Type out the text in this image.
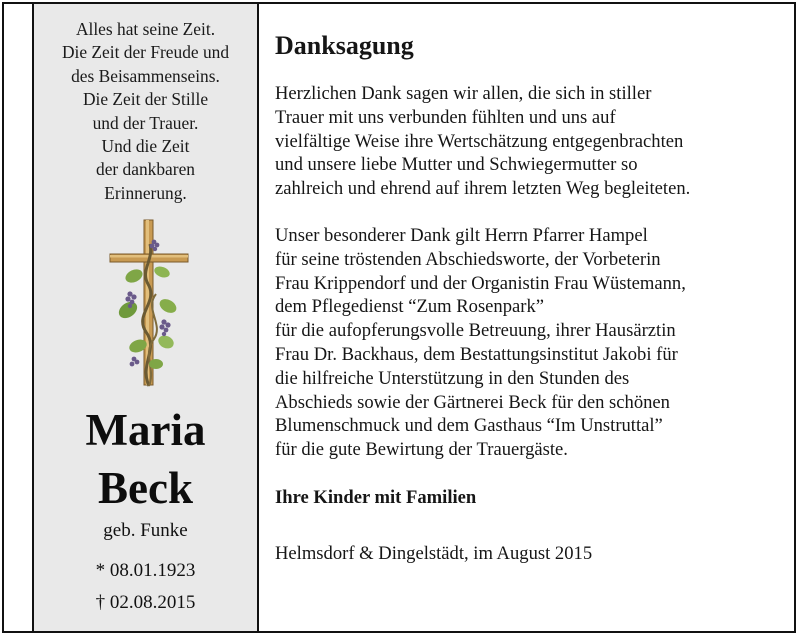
Alles hat seine Zeit.
Die Zeit der Freude und
des Beisammenseins.
Die Zeit der Stille
und der Trauer.
Und die Zeit
der dankbaren
Erinnerung.
Maria
Beck
geb. Funke
* 08.01.1923
† 02.08.2015
Danksagung
Herzlichen Dank sagen wir allen, die sich in stiller
Trauer mit uns verbunden fühlten und uns auf
vielfältige Weise ihre Wertschätzung entgegenbrachten
und unsere liebe Mutter und Schwiegermutter so
zahlreich und ehrend auf ihrem letzten Weg begleiteten.
Unser besonderer Dank gilt Herrn Pfarrer Hampel
für seine tröstenden Abschiedsworte, der Vorbeterin
Frau Krippendorf und der Organistin Frau Wüstemann,
dem Pflegedienst “Zum Rosenpark”
für die aufopferungsvolle Betreuung, ihrer Hausärztin
Frau Dr. Backhaus, dem Bestattungsinstitut Jakobi für
die hilfreiche Unterstützung in den Stunden des
Abschieds sowie der Gärtnerei Beck für den schönen
Blumenschmuck und dem Gasthaus “Im Unstruttal”
für die gute Bewirtung der Trauergäste.
Ihre Kinder mit Familien
Helmsdorf & Dingelstädt, im August 2015
